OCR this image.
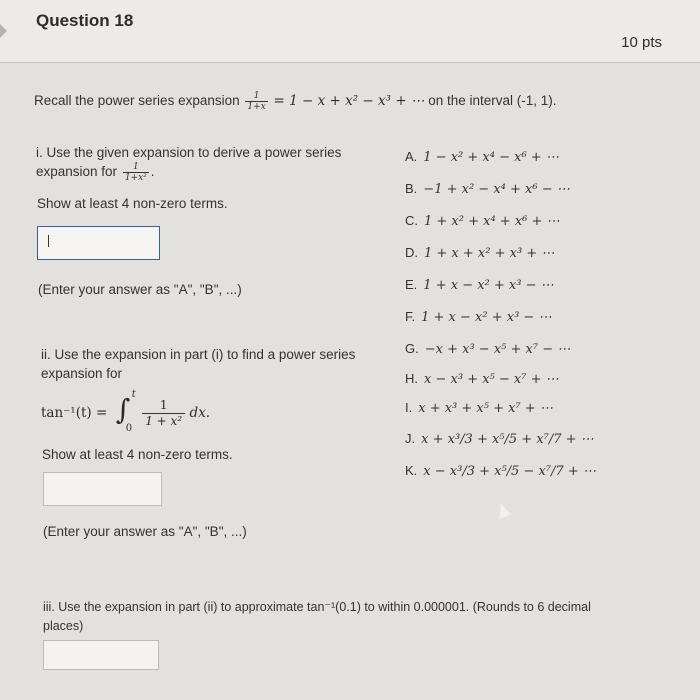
Question 18
10 pts
Recall the power series expansion $\frac{1}{1+x} = 1 - x + x^2 - x^3$ + ⋯ on the interval (-1, 1).
i. Use the given expansion to derive a power series
expansion for $\frac{1}{\text{1+x²}}$ .
Show at least 4 non-zero terms.
(Enter your answer as "A", "B", ...)
ii. Use the expansion in part (i) to find a power series
expansion for
tan⁻¹(t) = ∫ t
0
$\frac{1}{\text{1 + x²}}$ dx.
Show at least 4 non-zero terms.
(Enter your answer as "A", "B", ...)
iii. Use the expansion in part (ii) to approximate tan⁻¹(0.1) to within 0.000001. (Rounds to 6 decimal
places)
A. 1 − x² + x⁴ − x⁶ + ⋯
B. −1 + x² − x⁴ + x⁶ − ⋯
C. 1 + x² + x⁴ + x⁶ + ⋯
D. 1 + x + x² + x³ + ⋯
E. 1 + x − x² + x³ − ⋯
F. 1 + x − x² + x³ − ⋯
G. −x + x³ − x⁵ + x⁷ − ⋯
H. x − x³ + x⁵ − x⁷ + ⋯
I. x + x³ + x⁵ + x⁷ + ⋯
J. x + x³/3 + x⁵/5 + x⁷/7 + ⋯
K. x − x³/3 + x⁵/5 − x⁷/7 + ⋯
